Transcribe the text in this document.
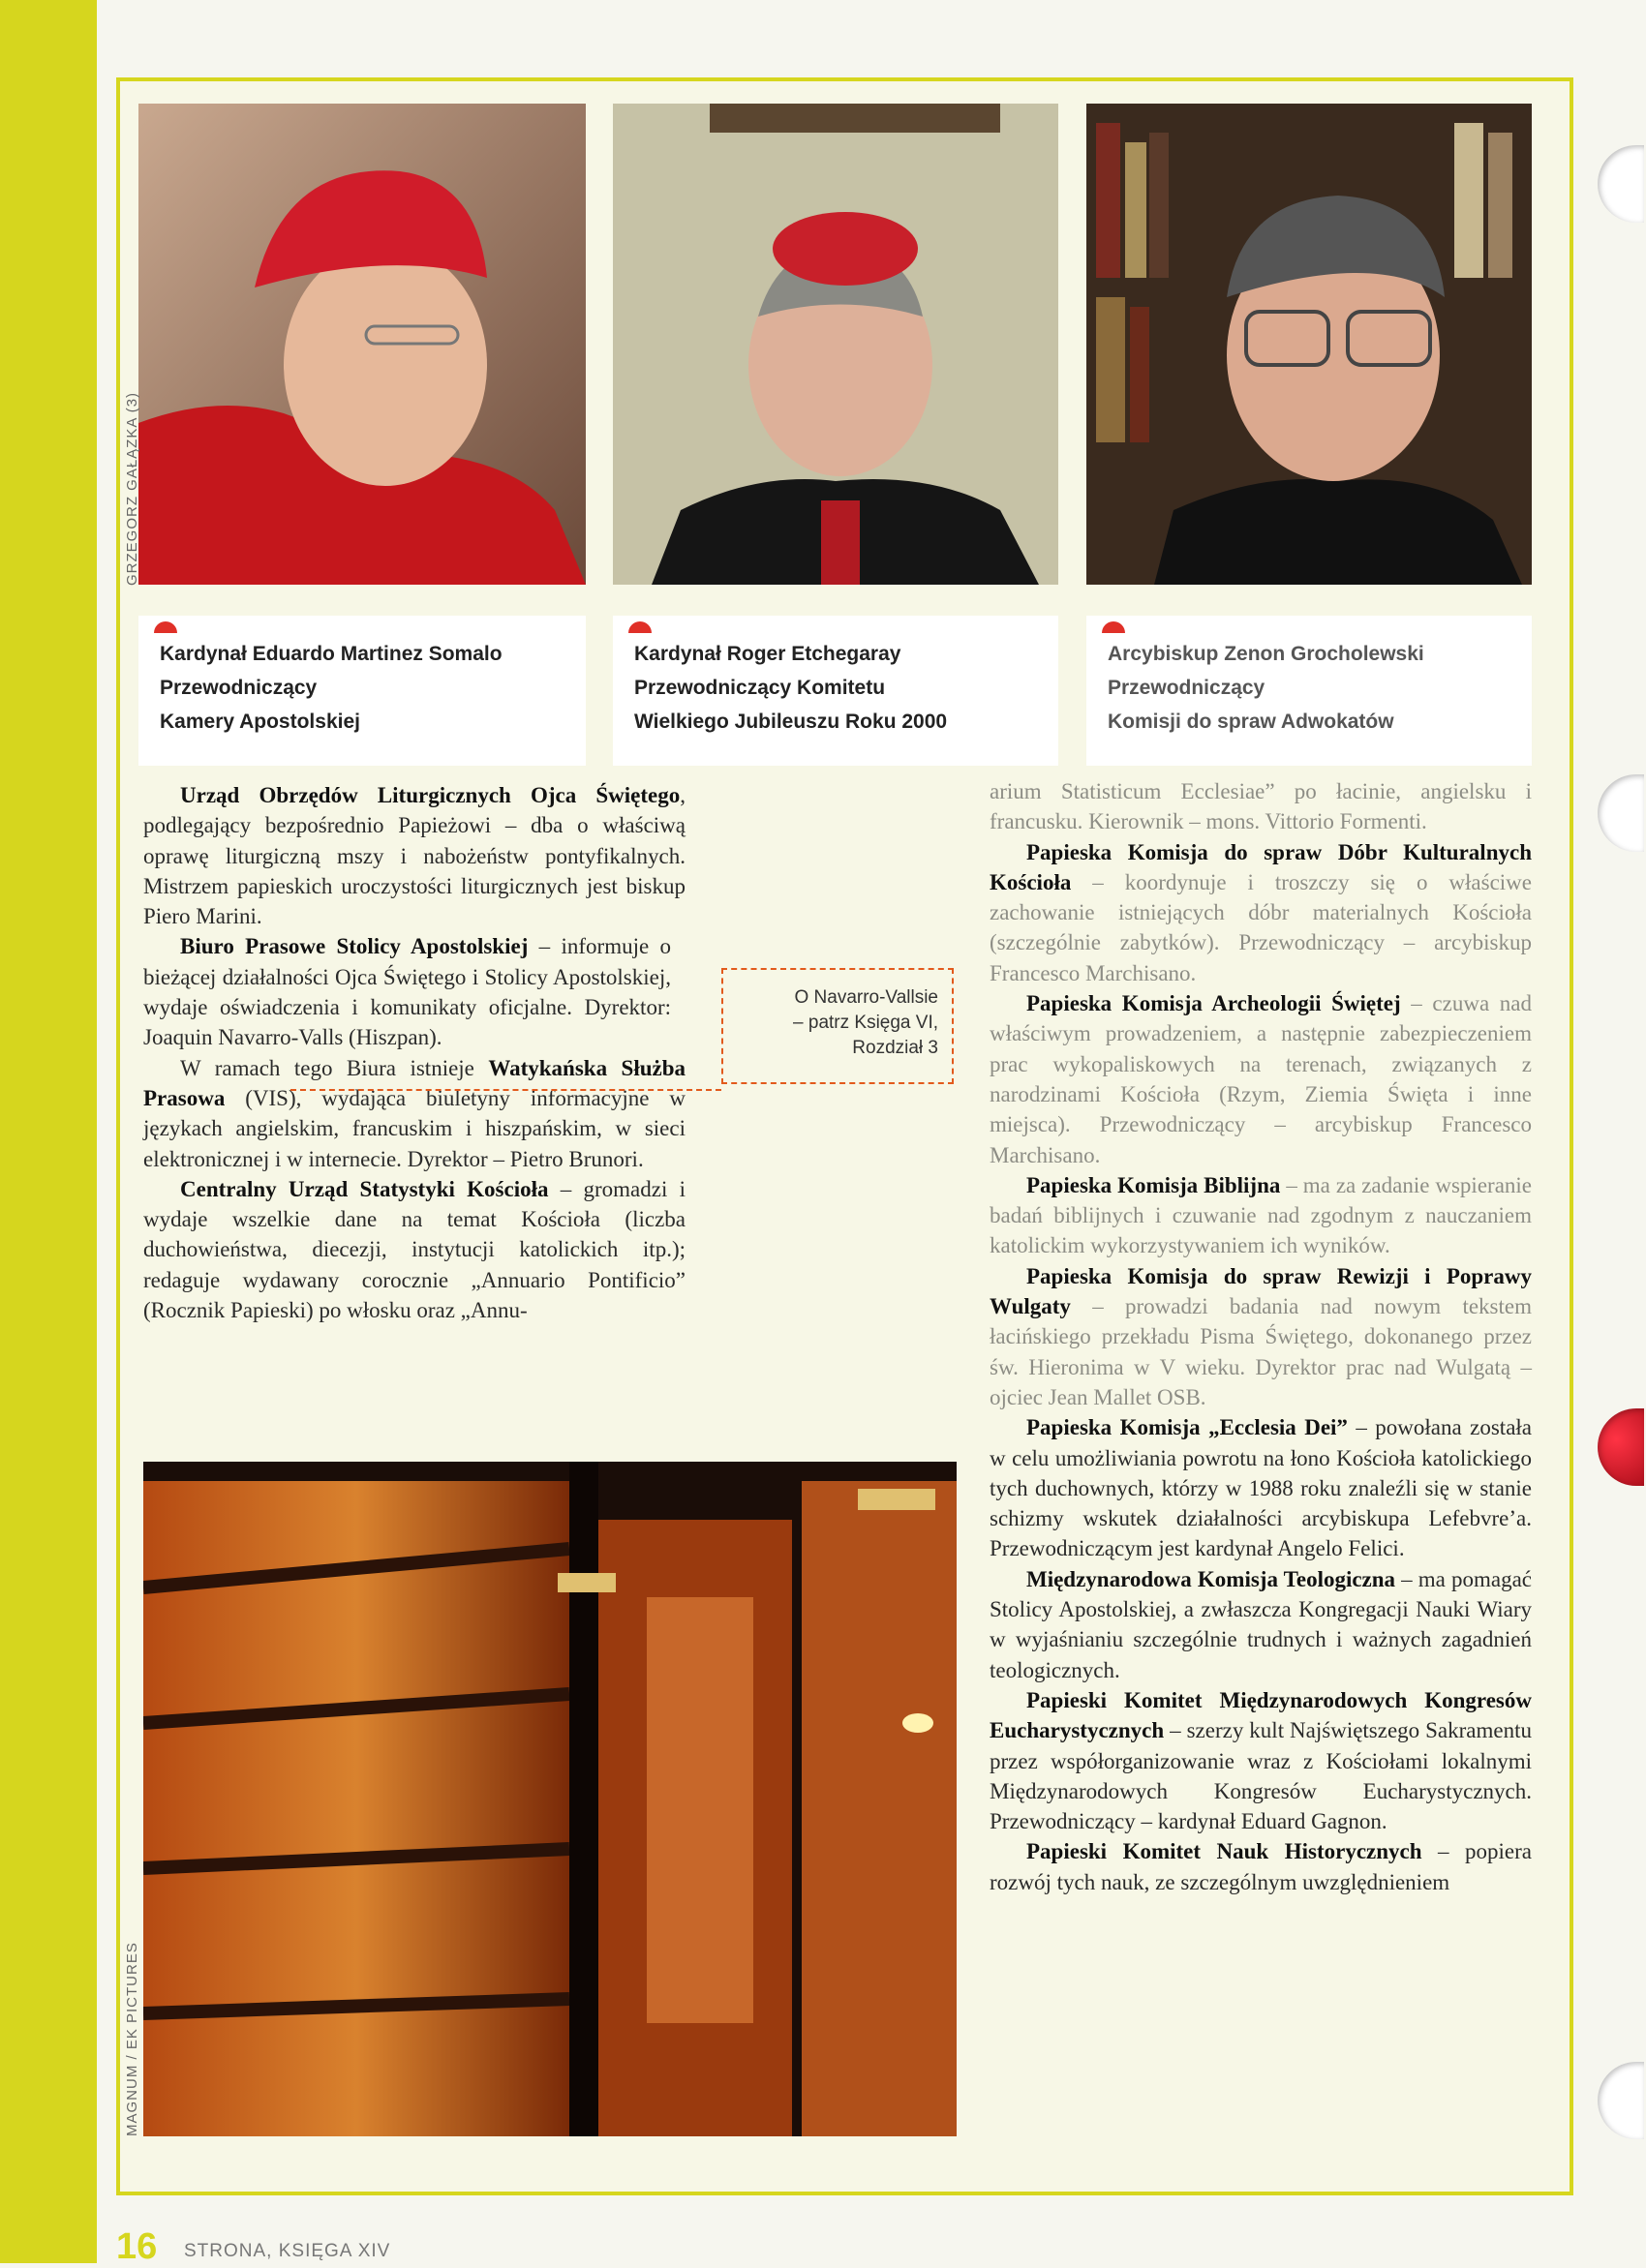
GRZEGORZ GAŁĄZKA (3)
Kardynał Eduardo Martinez Somalo
Przewodniczący
Kamery Apostolskiej
Kardynał Roger Etchegaray
Przewodniczący Komitetu
Wielkiego Jubileuszu Roku 2000
Arcybiskup Zenon Grocholewski
Przewodniczący
Komisji do spraw Adwokatów

Urząd Obrzędów Liturgicznych Ojca Świętego, podlegający bezpośrednio Papieżowi – dba o właściwą oprawę liturgiczną mszy i nabożeństw pontyfikalnych. Mistrzem papieskich uroczystości liturgicznych jest biskup Piero Marini.

Biuro Prasowe Stolicy Apostolskiej – informuje o bieżącej działalności Ojca Świętego i Stolicy Apostolskiej, wydaje oświadczenia i komunikaty oficjalne. Dyrektor: Joaquin Navarro-Valls (Hiszpan).

W ramach tego Biura istnieje Watykańska Służba Prasowa (VIS), wydająca biuletyny informacyjne w językach angielskim, francuskim i hiszpańskim, w sieci elektronicznej i w internecie. Dyrektor – Pietro Brunori.

Centralny Urząd Statystyki Kościoła – gromadzi i wydaje wszelkie dane na temat Kościoła (liczba duchowieństwa, diecezji, instytucji katolickich itp.); redaguje wydawany corocznie „Annuario Pontificio” (Rocznik Papieski) po włosku oraz „Annu-

O Navarro-Vallsie
– patrz Księga VI,
Rozdział 3

arium Statisticum Ecclesiae” po łacinie, angielsku i francusku. Kierownik – mons. Vittorio Formenti.

Papieska Komisja do spraw Dóbr Kulturalnych Kościoła – koordynuje i troszczy się o właściwe zachowanie istniejących dóbr materialnych Kościoła (szczególnie zabytków). Przewodniczący – arcybiskup Francesco Marchisano.

Papieska Komisja Archeologii Świętej – czuwa nad właściwym prowadzeniem, a następnie zabezpieczeniem prac wykopaliskowych na terenach, związanych z narodzinami Kościoła (Rzym, Ziemia Święta i inne miejsca). Przewodniczący – arcybiskup Francesco Marchisano.

Papieska Komisja Biblijna – ma za zadanie wspieranie badań biblijnych i czuwanie nad zgodnym z nauczaniem katolickim wykorzystywaniem ich wyników.

Papieska Komisja do spraw Rewizji i Poprawy Wulgaty – prowadzi badania nad nowym tekstem łacińskiego przekładu Pisma Świętego, dokonanego przez św. Hieronima w V wieku. Dyrektor prac nad Wulgatą – ojciec Jean Mallet OSB.

Papieska Komisja „Ecclesia Dei” – powołana została w celu umożliwiania powrotu na łono Kościoła katolickiego tych duchownych, którzy w 1988 roku znaleźli się w stanie schizmy wskutek działalności arcybiskupa Lefebvre’a. Przewodniczącym jest kardynał Angelo Felici.

Międzynarodowa Komisja Teologiczna – ma pomagać Stolicy Apostolskiej, a zwłaszcza Kongregacji Nauki Wiary w wyjaśnianiu szczególnie trudnych i ważnych zagadnień teologicznych.

Papieski Komitet Międzynarodowych Kongresów Eucharystycznych – szerzy kult Najświętszego Sakramentu przez współorganizowanie wraz z Kościołami lokalnymi Międzynarodowych Kongresów Eucharystycznych. Przewodniczący – kardynał Eduard Gagnon.

Papieski Komitet Nauk Historycznych – popiera rozwój tych nauk, ze szczególnym uwzględnieniem

MAGNUM / EK PICTURES
16 STRONA, KSIĘGA XIV
